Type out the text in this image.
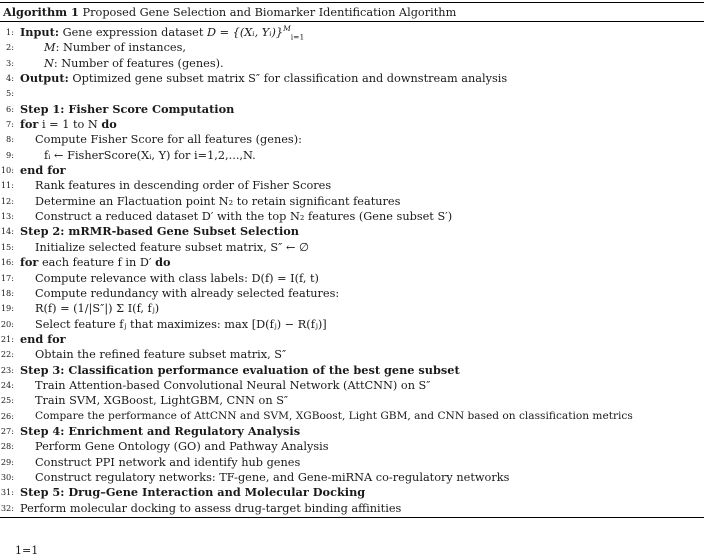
Algorithm 1 Proposed Gene Selection and Biomarker Identification Algorithm
1: Input: Gene expression dataset D = {(Xᵢ, Yᵢ)}$^M_{i=1}$
2:	M: Number of instances,
3:	N: Number of features (genes).
4: Output: Optimized gene subset matrix S″ for classification and downstream analysis
5:
6: Step 1: Fisher Score Computation
7: for i = 1 to N do
8: Compute Fisher Score for all features (genes):
9:	fᵢ ← FisherScore(Xᵢ, Y) for i=1,2,...,N.
10: end for
11: Rank features in descending order of Fisher Scores
12: Determine an Flactuation point N₂ to retain significant features
13: Construct a reduced dataset D′ with the top N₂ features (Gene subset S′)
14: Step 2: mRMR-based Gene Subset Selection
15: Initialize selected feature subset matrix, S″ ← ∅
16: for each feature f in D′ do
17: Compute relevance with class labels: D(f) = I(f, t)
18: Compute redundancy with already selected features:
19: R(f) = (1/|S″|) Σ I(f, fⱼ)
20: Select feature fⱼ that maximizes: max [D(fⱼ) − R(fⱼ)]
21: end for
22: Obtain the refined feature subset matrix, S″
23: Step 3: Classification performance evaluation of the best gene subset
24: Train Attention-based Convolutional Neural Network (AttCNN) on S″
25: Train SVM, XGBoost, LightGBM, CNN on S″
26: Compare the performance of AttCNN and SVM, XGBoost, Light GBM, and CNN based on classification metrics
27: Step 4: Enrichment and Regulatory Analysis
28: Perform Gene Ontology (GO) and Pathway Analysis
29: Construct PPI network and identify hub genes
30: Construct regulatory networks: TF-gene, and Gene-miRNA co-regulatory networks
31: Step 5: Drug–Gene Interaction and Molecular Docking
32: Perform molecular docking to assess drug-target binding affinities
1=1
